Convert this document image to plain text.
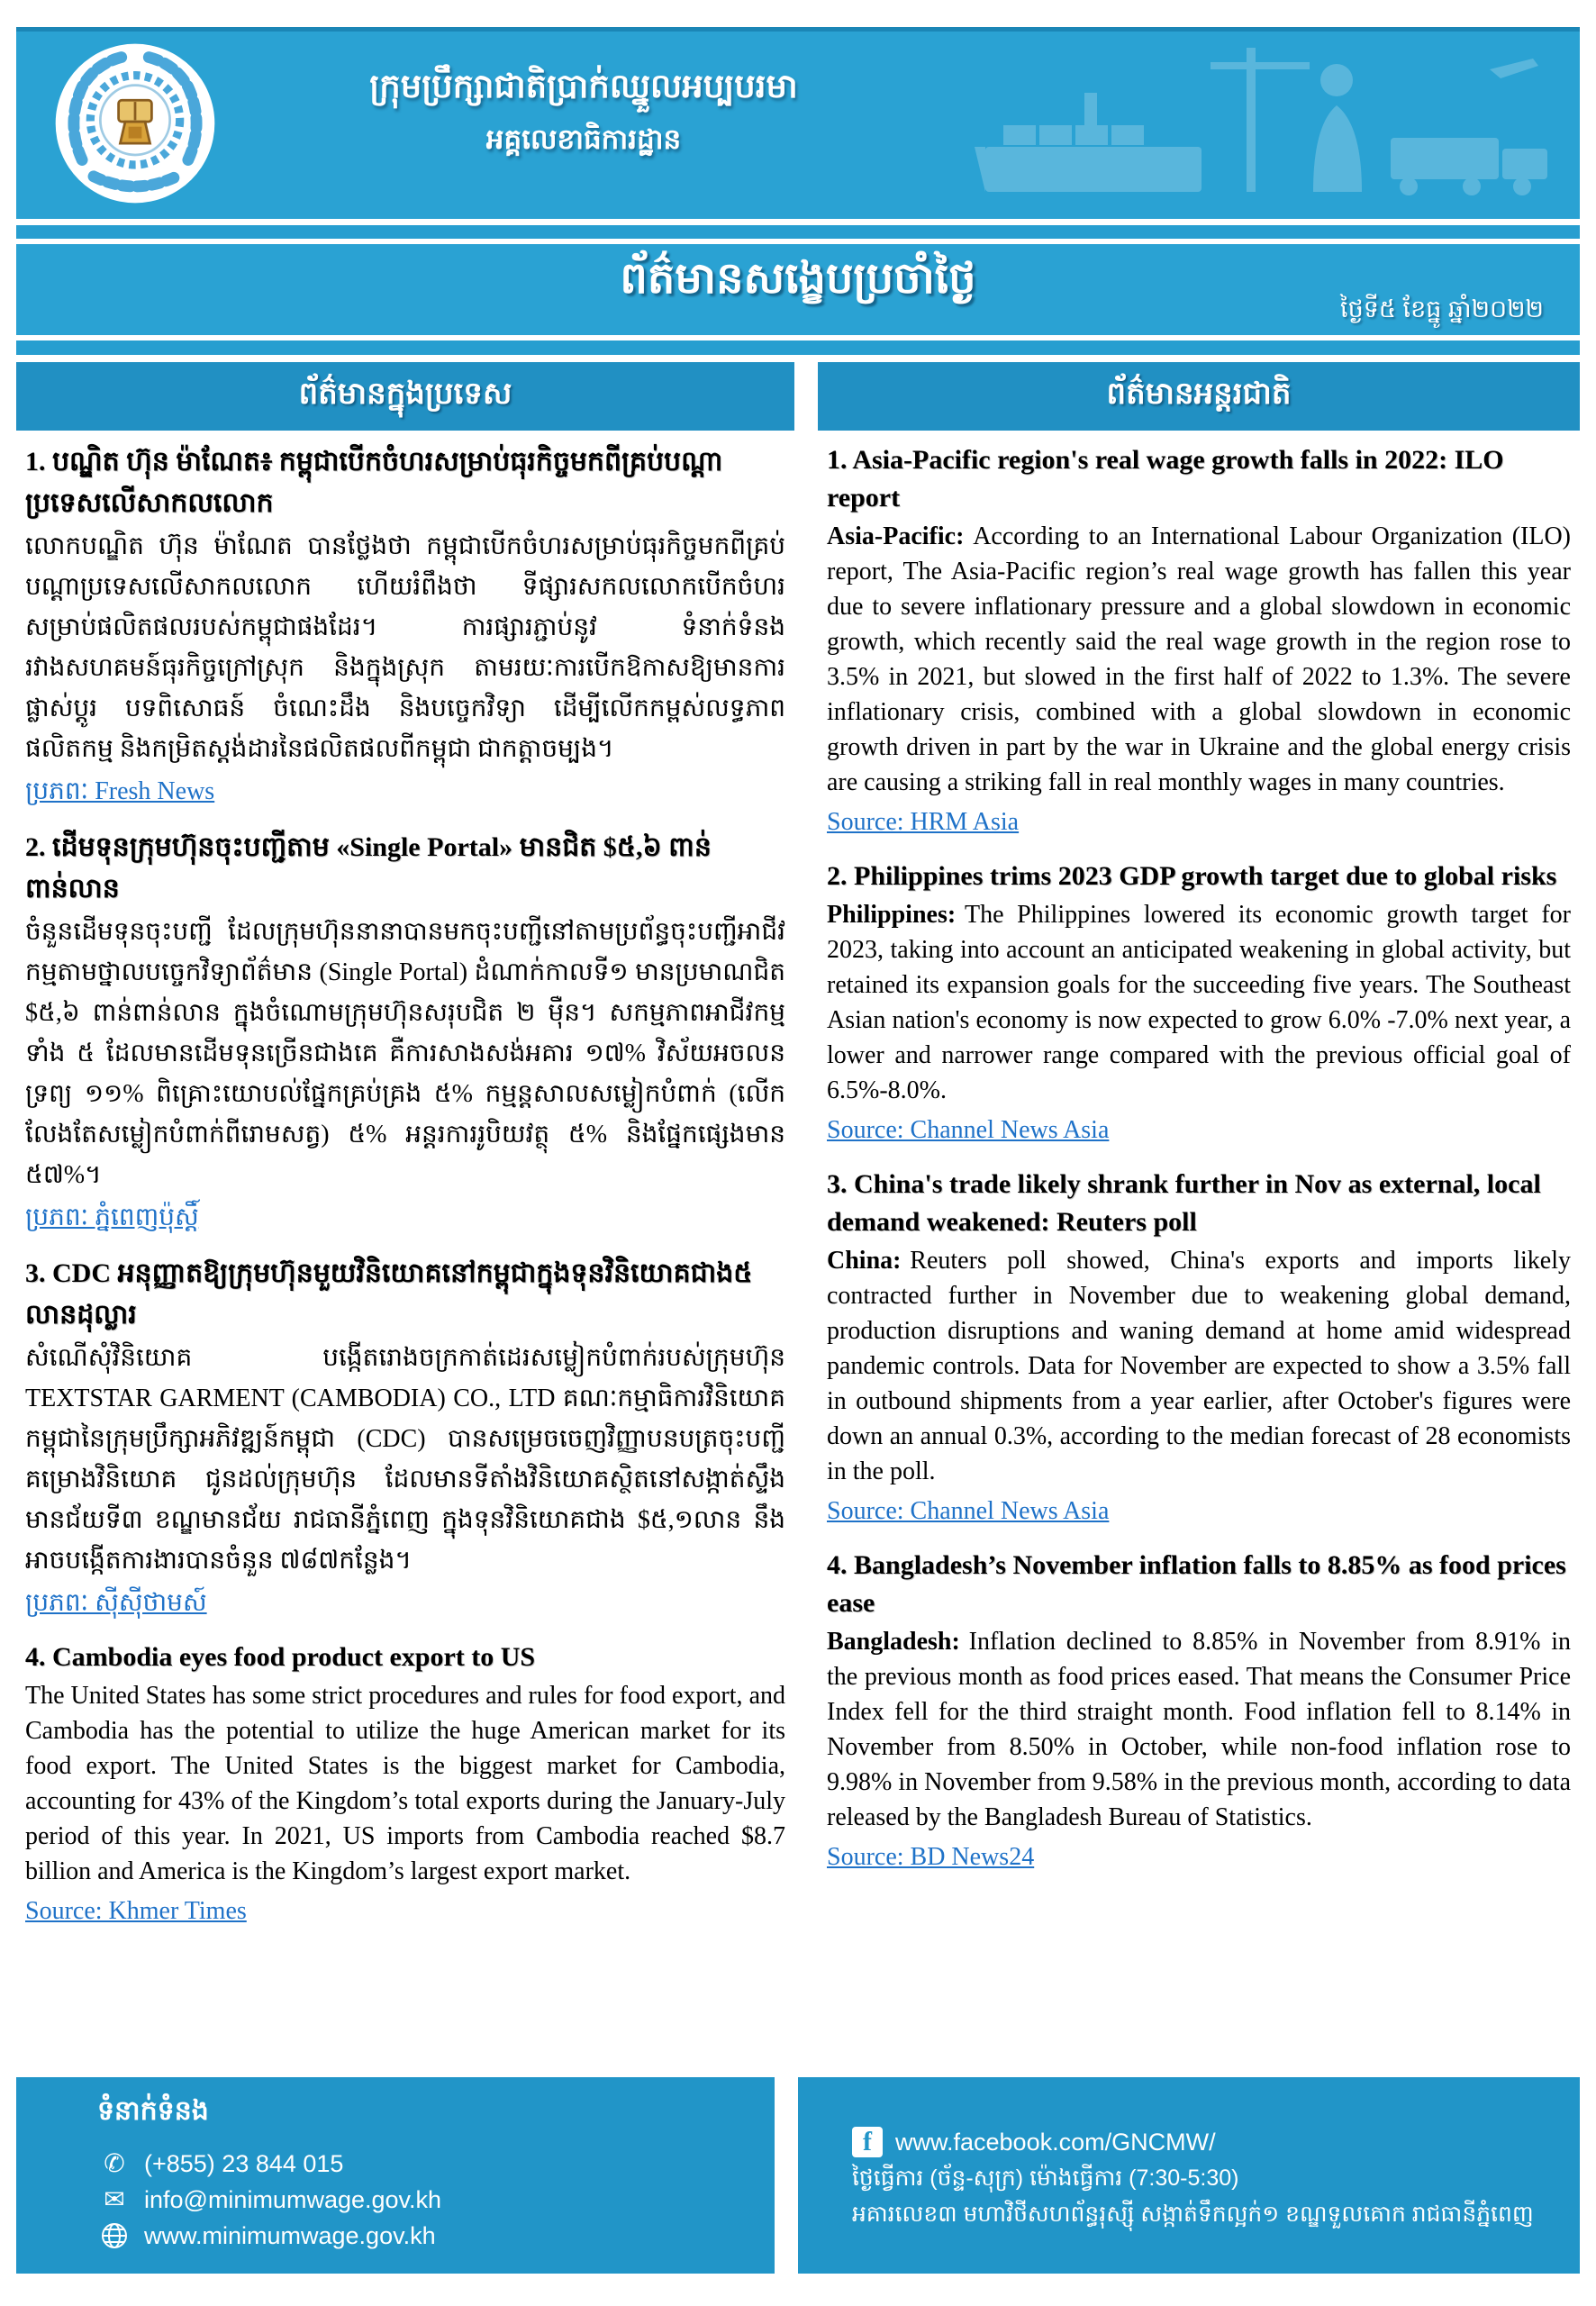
ក្រុមប្រឹក្សាជាតិប្រាក់ឈ្នួលអប្បបរមា
អគ្គលេខាធិការដ្ឋាន
ព័ត៌មានសង្ខេបប្រចាំថ្ងៃ
ថ្ងៃទី៥ ខែធ្នូ ឆ្នាំ២០២២
ព័ត៌មានក្នុងប្រទេស
1. បណ្ឌិត ហ៊ុន ម៉ាណែត៖ កម្ពុជាបើកចំហរសម្រាប់ធុរកិច្ចមកពីគ្រប់បណ្តាប្រទេសលើសាកលលោក

លោកបណ្ឌិត ហ៊ុន ម៉ាណែត បានថ្លែងថា កម្ពុជាបើកចំហរសម្រាប់ធុរកិច្ចមកពីគ្រប់បណ្តាប្រទេសលើសាកលលោក ហើយរំពឹងថា ទីផ្សារសកលលោកបើកចំហរ សម្រាប់ផលិតផលរបស់កម្ពុជាផងដែរ។ ការផ្សារភ្ជាប់នូវ ទំនាក់ទំនងរវាងសហគមន៍ធុរកិច្ចក្រៅស្រុក និងក្នុងស្រុក តាមរយៈការបើកឱកាសឱ្យមានការផ្លាស់ប្តូរ បទពិសោធន៍ ចំណេះដឹង និងបច្ចេកវិទ្យា ដើម្បីលើកកម្ពស់លទ្ធភាពផលិតកម្ម និងកម្រិតស្តង់ដារនៃផលិតផលពីកម្ពុជា ជាកត្តាចម្បង។

ប្រភពៈ Fresh News
2. ដើមទុនក្រុមហ៊ុនចុះបញ្ជីតាម «Single Portal» មានជិត $៥,៦ ពាន់ពាន់លាន

ចំនួនដើមទុនចុះបញ្ជី ដែលក្រុមហ៊ុននានាបានមកចុះបញ្ជីនៅតាមប្រព័ន្ធចុះបញ្ជីអាជីវកម្មតាមថ្នាលបច្ចេកវិទ្យាព័ត៌មាន (Single Portal) ដំណាក់កាលទី១ មានប្រមាណជិត $៥,៦ ពាន់ពាន់លាន ក្នុងចំណោមក្រុមហ៊ុនសរុបជិត ២ ម៉ឺន។ សកម្មភាពអាជីវកម្មទាំង ៥ ដែលមានដើមទុនច្រើនជាងគេ គឺការសាងសង់អគារ ១៧% វិស័យអចលនទ្រព្យ ១១% ពិគ្រោះយោបល់ផ្នែកគ្រប់គ្រង ៥% កម្មន្តសាលសម្លៀកបំពាក់ (លើកលែងតែសម្លៀកបំពាក់ពីរោមសត្វ) ៥% អន្តរការរូបិយវត្ថុ ៥% និងផ្នែកផ្សេងមាន ៥៧%។

ប្រភពៈ ភ្នំពេញប៉ុស្តិ៍
3. CDC អនុញ្ញាតឱ្យក្រុមហ៊ុនមួយវិនិយោគនៅកម្ពុជាក្នុងទុនវិនិយោគជាង៥ លានដុល្លារ

សំណើសុំវិនិយោគ បង្កើតរោងចក្រកាត់ដេរសម្លៀកបំពាក់របស់ក្រុមហ៊ុន TEXTSTAR GARMENT (CAMBODIA) CO., LTD គណៈកម្មាធិការវិនិយោគកម្ពុជានៃក្រុមប្រឹក្សាអភិវឌ្ឍន៍កម្ពុជា (CDC) បានសម្រេចចេញវិញ្ញាបនបត្រចុះបញ្ជីគម្រោងវិនិយោគ ជូនដល់ក្រុមហ៊ុន ដែលមានទីតាំងវិនិយោគស្ថិតនៅសង្កាត់ស្ទឹងមានជ័យទី៣ ខណ្ឌមានជ័យ រាជធានីភ្នំពេញ ក្នុងទុនវិនិយោគជាង $៥,១លាន នឹងអាចបង្កើតការងារបានចំនួន ៧៨៧កន្លែង។

ប្រភពៈ ស៊ីស៊ីថាមស៍
4. Cambodia eyes food product export to US

The United States has some strict procedures and rules for food export, and Cambodia has the potential to utilize the huge American market for its food export. The United States is the biggest market for Cambodia, accounting for 43% of the Kingdom’s total exports during the January-July period of this year. In 2021, US imports from Cambodia reached $8.7 billion and America is the Kingdom’s largest export market.

Source: Khmer Times
ព័ត៌មានអន្តរជាតិ
1. Asia-Pacific region's real wage growth falls in 2022: ILO report

Asia-Pacific: According to an International Labour Organization (ILO) report, The Asia-Pacific region’s real wage growth has fallen this year due to severe inflationary pressure and a global slowdown in economic growth, which recently said the real wage growth in the region rose to 3.5% in 2021, but slowed in the first half of 2022 to 1.3%. The severe inflationary crisis, combined with a global slowdown in economic growth driven in part by the war in Ukraine and the global energy crisis are causing a striking fall in real monthly wages in many countries.

Source: HRM Asia
2. Philippines trims 2023 GDP growth target due to global risks

Philippines: The Philippines lowered its economic growth target for 2023, taking into account an anticipated weakening in global activity, but retained its expansion goals for the succeeding five years. The Southeast Asian nation's economy is now expected to grow 6.0% -7.0% next year, a lower and narrower range compared with the previous official goal of 6.5%-8.0%.

Source: Channel News Asia
3. China's trade likely shrank further in Nov as external, local demand weakened: Reuters poll

China: Reuters poll showed, China's exports and imports likely contracted further in November due to weakening global demand, production disruptions and waning demand at home amid widespread pandemic controls. Data for November are expected to show a 3.5% fall in outbound shipments from a year earlier, after October's figures were down an annual 0.3%, according to the median forecast of 28 economists in the poll.

Source: Channel News Asia
4. Bangladesh’s November inflation falls to 8.85% as food prices ease

Bangladesh: Inflation declined to 8.85% in November from 8.91% in the previous month as food prices eased. That means the Consumer Price Index fell for the third straight month. Food inflation fell to 8.14% in November from 8.50% in October, while non-food inflation rose to 9.98% in November from 9.58% in the previous month, according to data released by the Bangladesh Bureau of Statistics.

Source: BD News24
ទំនាក់ទំនង
✆ (+855) 23 844 015
✉ info@minimumwage.gov.kh
www.minimumwage.gov.kh
f www.facebook.com/GNCMW/
ថ្ងៃធ្វើការ (ច័ន្ទ-សុក្រ) ម៉ោងធ្វើការ (7:30-5:30)
អគារលេខ៣ មហាវិថីសហព័ន្ធរុស្ស៊ី សង្កាត់ទឹកល្អក់១ ខណ្ឌទួលគោក រាជធានីភ្នំពេញ
